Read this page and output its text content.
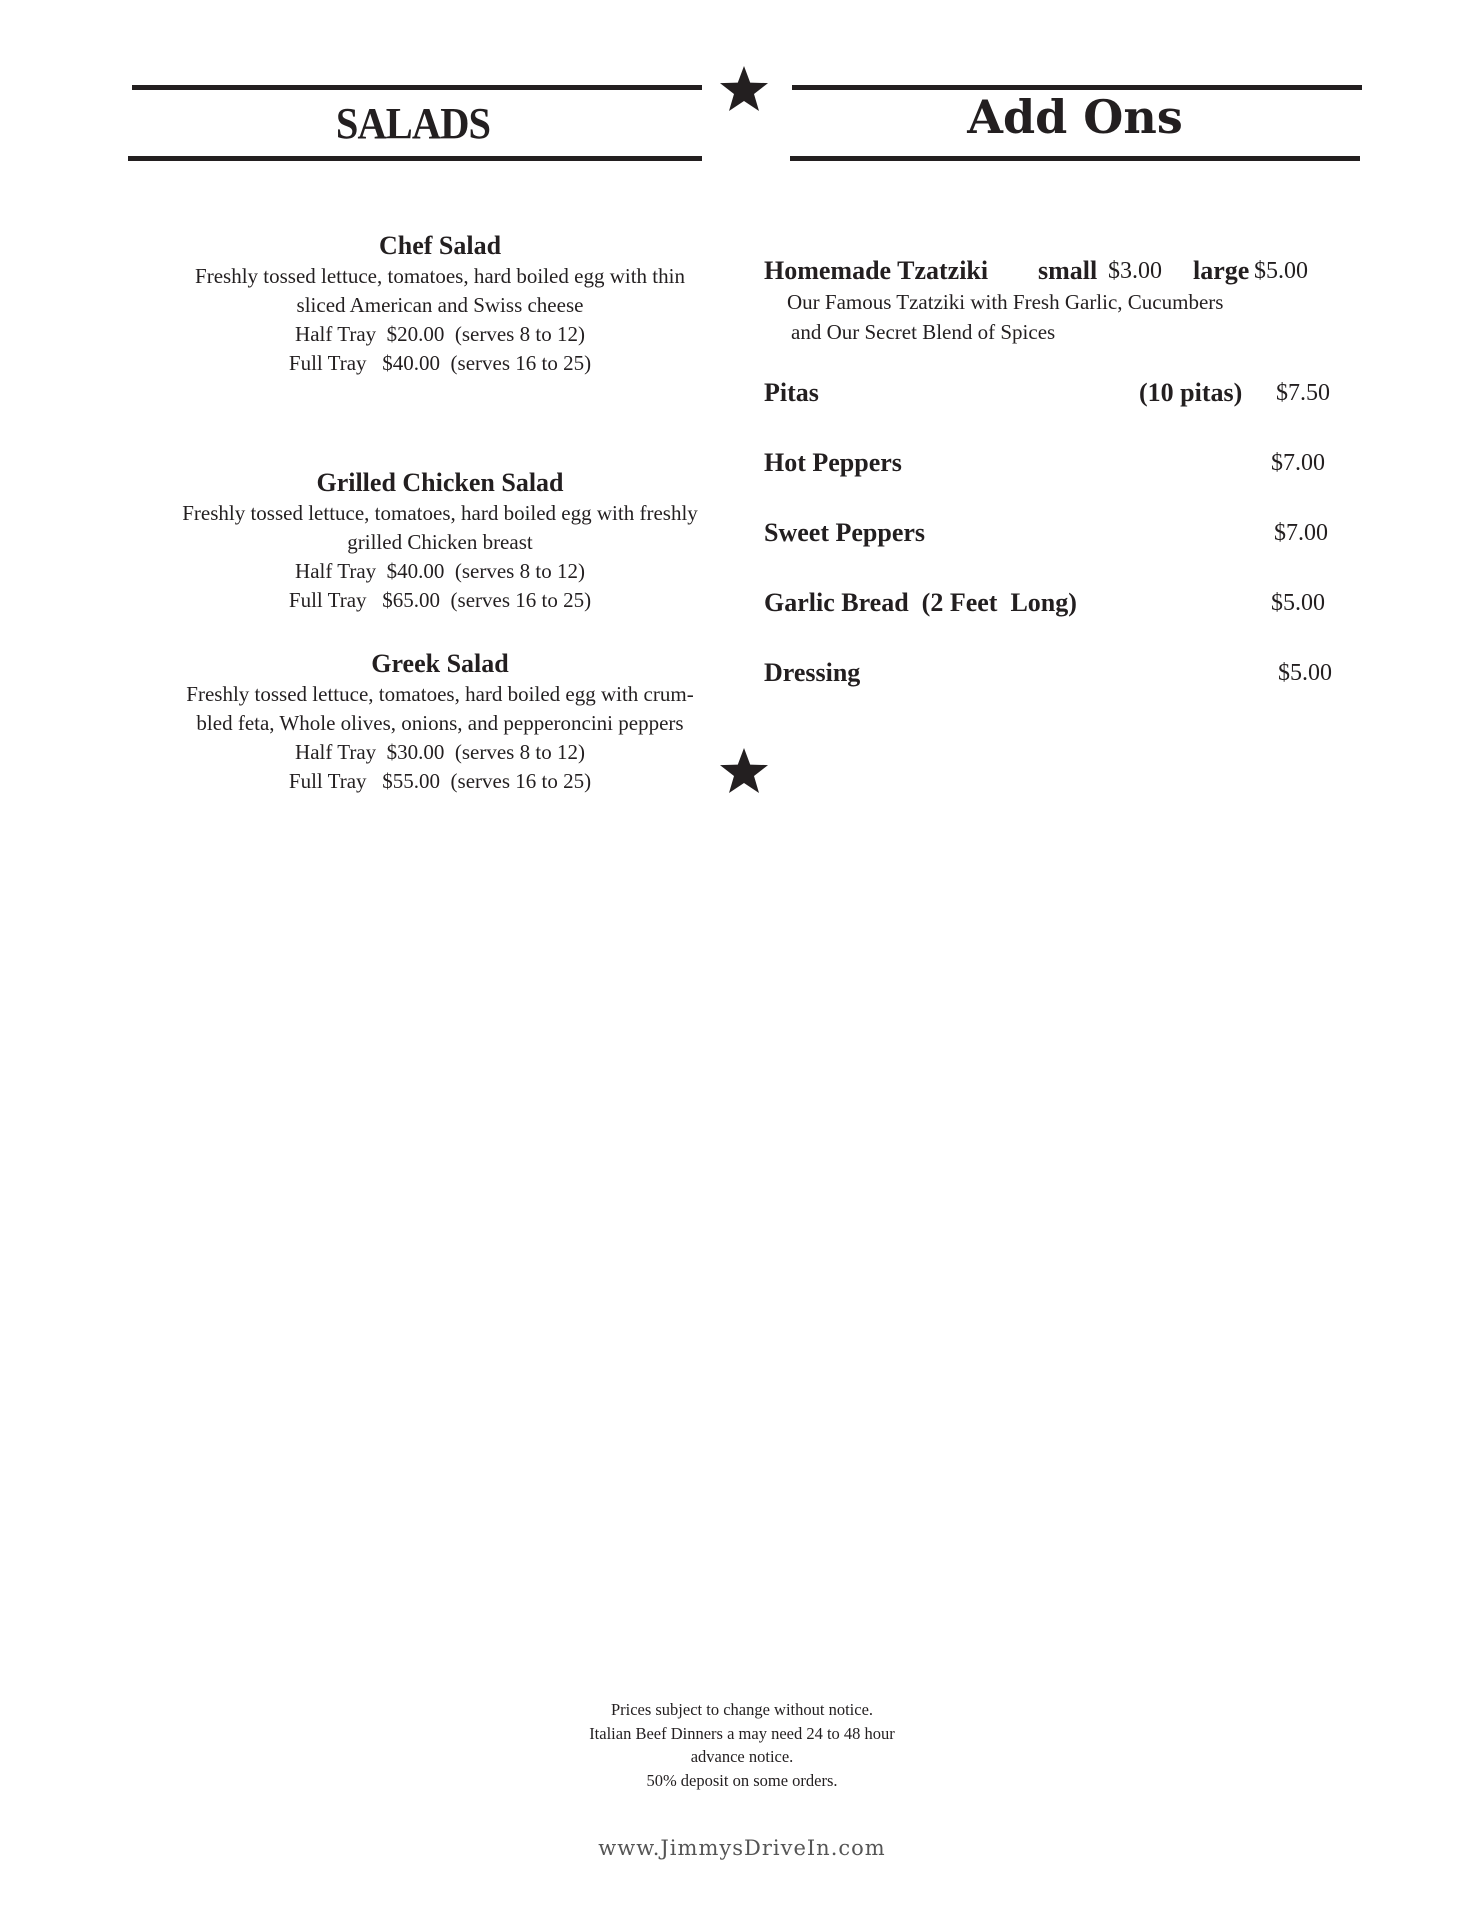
SALADS	Add Ons
Chef Salad
Freshly tossed lettuce, tomatoes, hard boiled egg with thin sliced American and Swiss cheese
Half Tray  $20.00  (serves 8 to 12)
Full Tray   $40.00  (serves 16 to 25)
Grilled Chicken Salad
Freshly tossed lettuce, tomatoes, hard boiled egg with freshly grilled Chicken breast
Half Tray  $40.00  (serves 8 to 12)
Full Tray   $65.00  (serves 16 to 25)
Greek Salad
Freshly tossed lettuce, tomatoes, hard boiled egg with crum-bled feta, Whole olives, onions, and pepperoncini peppers
Half Tray  $30.00  (serves 8 to 12)
Full Tray   $55.00  (serves 16 to 25)
Homemade Tzatziki small $3.00 large $5.00
Our Famous Tzatziki with Fresh Garlic, Cucumbers
and Our Secret Blend of Spices
Pitas	(10 pitas) $7.50
Hot Peppers	$7.00
Sweet Peppers	$7.00
Garlic Bread  (2 Feet  Long)	$5.00
Dressing	$5.00
Prices subject to change without notice.
Italian Beef Dinners a may need 24 to 48 hour
advance notice.
50% deposit on some orders.
www.JimmysDriveIn.com
